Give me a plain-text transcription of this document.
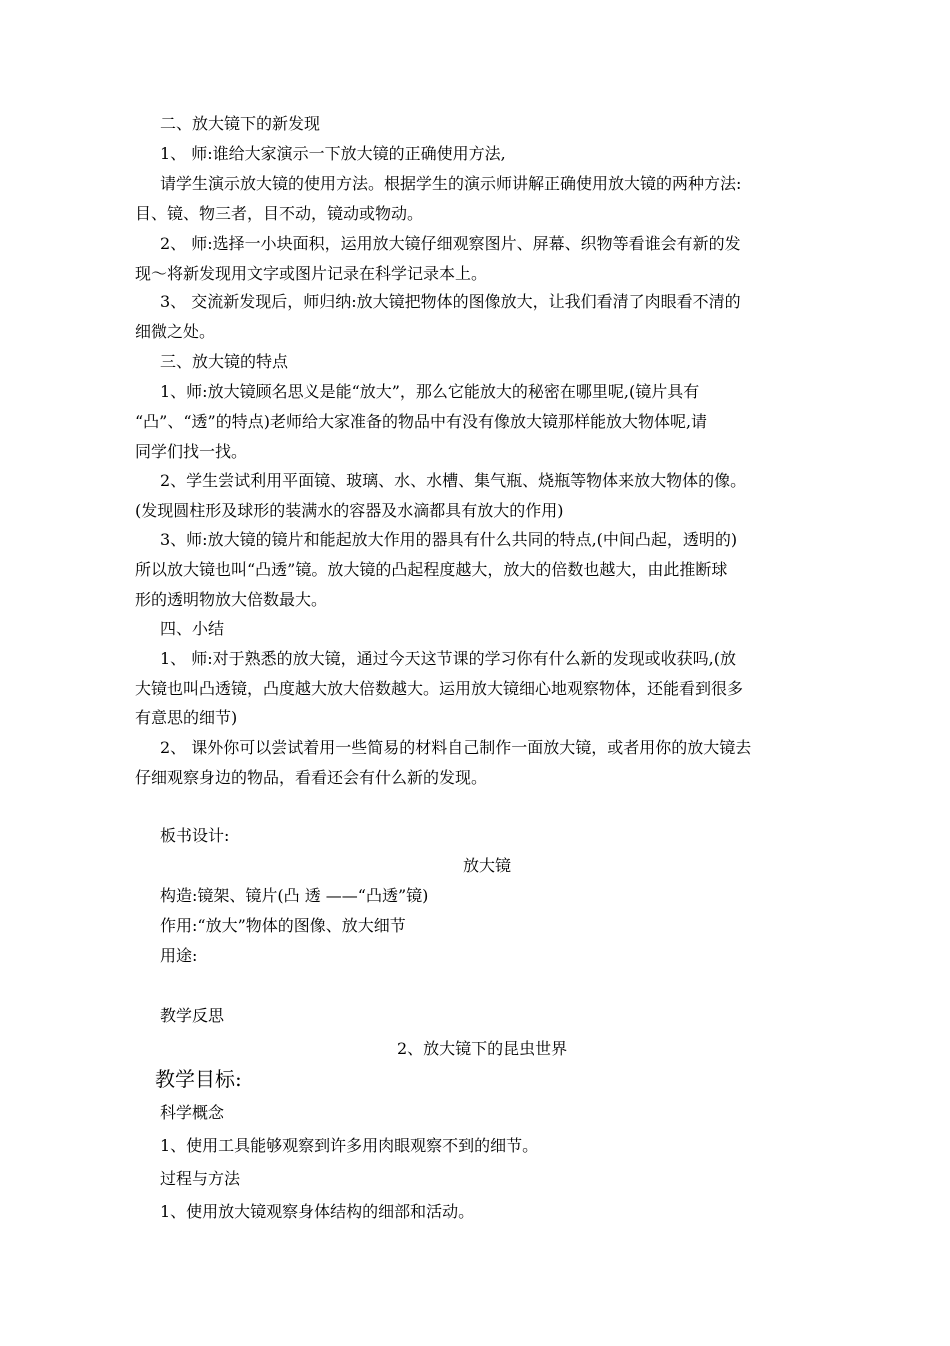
二、放大镜下的新发现
1、 师:谁给大家演示一下放大镜的正确使用方法,
请学生演示放大镜的使用方法。根据学生的演示师讲解正确使用放大镜的两种方法:
目、镜、物三者，目不动，镜动或物动。
2、 师:选择一小块面积，运用放大镜仔细观察图片、屏幕、织物等看谁会有新的发
现～将新发现用文字或图片记录在科学记录本上。
3、 交流新发现后，师归纳:放大镜把物体的图像放大，让我们看清了肉眼看不清的
细微之处。
三、放大镜的特点
1、师:放大镜顾名思义是能“放大”，那么它能放大的秘密在哪里呢,(镜片具有
“凸”、“透”的特点)老师给大家准备的物品中有没有像放大镜那样能放大物体呢,请
同学们找一找。
2、学生尝试利用平面镜、玻璃、水、水槽、集气瓶、烧瓶等物体来放大物体的像。
(发现圆柱形及球形的装满水的容器及水滴都具有放大的作用)
3、师:放大镜的镜片和能起放大作用的器具有什么共同的特点,(中间凸起，透明的)
所以放大镜也叫“凸透”镜。放大镜的凸起程度越大，放大的倍数也越大，由此推断球
形的透明物放大倍数最大。
四、小结
1、 师:对于熟悉的放大镜，通过今天这节课的学习你有什么新的发现或收获吗,(放
大镜也叫凸透镜，凸度越大放大倍数越大。运用放大镜细心地观察物体，还能看到很多
有意思的细节)
2、 课外你可以尝试着用一些简易的材料自己制作一面放大镜，或者用你的放大镜去
仔细观察身边的物品，看看还会有什么新的发现。
板书设计:
放大镜
构造:镜架、镜片(凸 透 ——“凸透”镜)
作用:“放大”物体的图像、放大细节
用途:
教学反思
2、放大镜下的昆虫世界
教学目标:
科学概念
1、使用工具能够观察到许多用肉眼观察不到的细节。
过程与方法
1、使用放大镜观察身体结构的细部和活动。
